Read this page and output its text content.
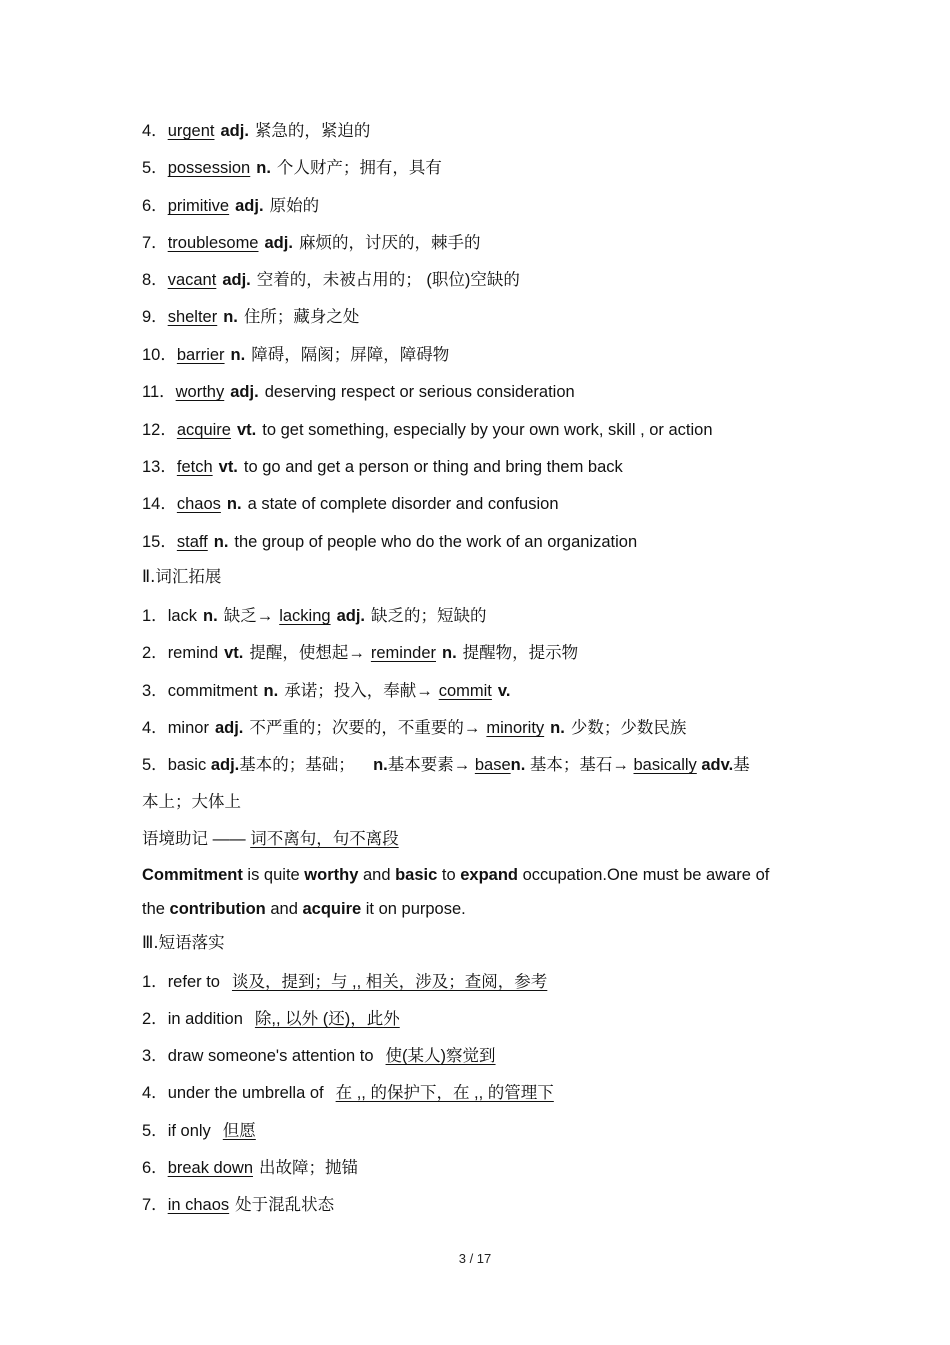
4．urgent adj. 紧急的，紧迫的
5．possession n. 个人财产；拥有，具有
6．primitive adj. 原始的
7．troublesome adj. 麻烦的，讨厌的，棘手的
8．vacant adj. 空着的，未被占用的； (职位)空缺的
9．shelter n. 住所；藏身之处
10．barrier n. 障碍，隔阂；屏障，障碍物
11．worthy adj. deserving respect or serious consideration
12．acquire vt. to get something, especially by your own work, skill , or action
13．fetch vt. to go and get a person or thing and bring them back
14．chaos n. a state of complete disorder and confusion
15．staff n. the group of people who do the work of an organization
Ⅱ.词汇拓展
1．lack n. 缺乏→ lacking adj. 缺乏的；短缺的
2．remind vt. 提醒，使想起→ reminder n. 提醒物，提示物
3．commitment n. 承诺；投入，奉献→ commit v.
4．minor adj. 不严重的；次要的，不重要的→ minority n. 少数；少数民族
5．basic adj.基本的；基础； n.基本要素→ basen. 基本；基石→ basically adv.基
本上；大体上
语境助记 —— 词不离句，句不离段
Commitment is quite worthy and basic to expand occupation.One must be aware of
the contribution and acquire it on purpose.
Ⅲ.短语落实
1．refer to 谈及，提到；与 ,, 相关，涉及；查阅，参考
2．in addition 除,, 以外 (还)，此外
3．draw someone's attention to 使(某人)察觉到
4．under the umbrella of 在 ,, 的保护下，在 ,, 的管理下
5．if only 但愿
6．break down 出故障；抛锚
7．in chaos 处于混乱状态
3 / 17
